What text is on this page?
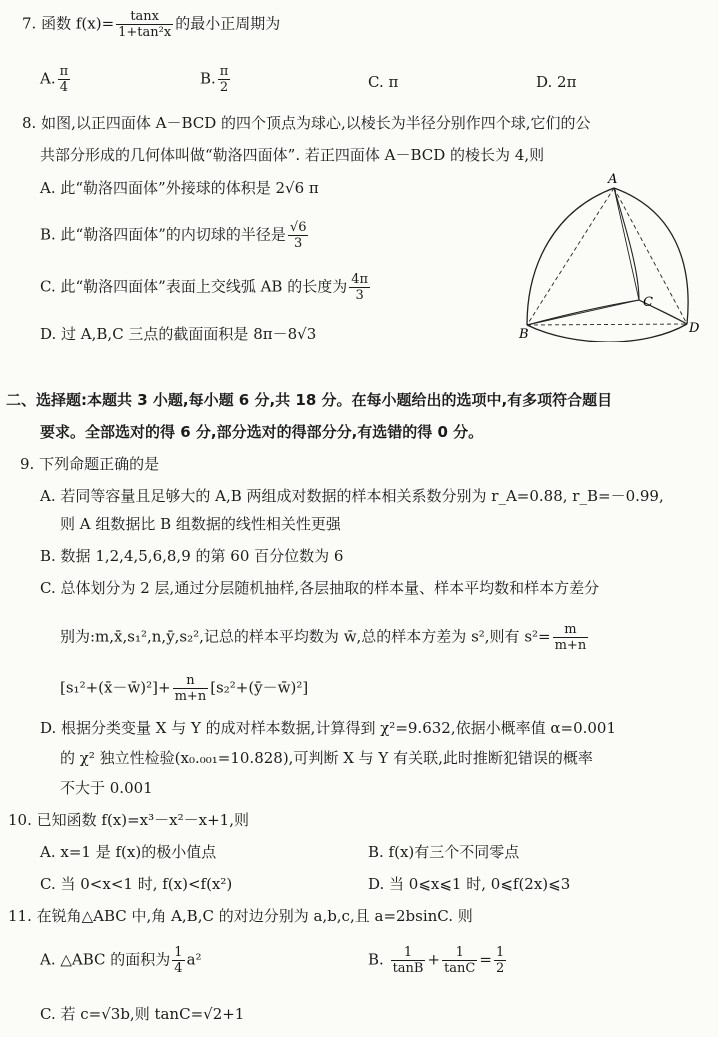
7. 函数 $f(x)= \frac{\tan x}{\text{1+tan²x}}$ 的最小正周期为
A. $\frac{\pi}{4}$	B. $\frac{\pi}{2}$	C. π	D. 2π
8. 如图,以正四面体 A－BCD 的四个顶点为球心,以棱长为半径分别作四个球,它们的公
共部分形成的几何体叫做“勒洛四面体”. 若正四面体 A－BCD 的棱长为 4,则
A. 此“勒洛四面体”外接球的体积是 2√6 π
B. 此“勒洛四面体”的内切球的半径是 $\frac{√6}{3}$
C. 此“勒洛四面体”表面上交线弧 AB 的长度为 $\frac{4\pi}{3}$
D. 过 A,B,C 三点的截面面积是 8π－8√3
A
B
C
D
二、选择题:本题共 3 小题,每小题 6 分,共 18 分。在每小题给出的选项中,有多项符合题目
要求。全部选对的得 6 分,部分选对的得部分分,有选错的得 0 分。
9. 下列命题正确的是
A. 若同等容量且足够大的 A,B 两组成对数据的样本相关系数分别为 r_A=0.88, r_B=－0.99,
则 A 组数据比 B 组数据的线性相关性更强
B. 数据 1,2,4,5,6,8,9 的第 60 百分位数为 6
C. 总体划分为 2 层,通过分层随机抽样,各层抽取的样本量、样本平均数和样本方差分
别为:m,x̄,s₁²,n,ȳ,s₂²,记总的样本平均数为 w̄,总的样本方差为 s²,则有 $s^2= \frac{m}{m+n}$
[s₁²+(x̄－w̄)²]+ $\frac{n}{m+n}$ [s₂²+(ȳ－w̄)²]
D. 根据分类变量 X 与 Y 的成对样本数据,计算得到 χ²=9.632,依据小概率值 α=0.001
的 χ² 独立性检验(x₀.₀₀₁=10.828),可判断 X 与 Y 有关联,此时推断犯错误的概率
不大于 0.001
10. 已知函数 f(x)=x³－x²－x+1,则
A. x=1 是 f(x)的极小值点	B. f(x)有三个不同零点
C. 当 0<x<1 时, f(x)<f(x²)	D. 当 0⩽x⩽1 时, 0⩽f(2x)⩽3
11. 在锐角△ABC 中,角 A,B,C 的对边分别为 a,b,c,且 a=2bsinC. 则
A. △ABC 的面积为 $\frac{1}{4} a^2$	B. $\frac{1}{\tan B} + \frac{1}{\tan C} = \frac{1}{2}$
C. 若 c=√3b,则 tanC=√2+1
